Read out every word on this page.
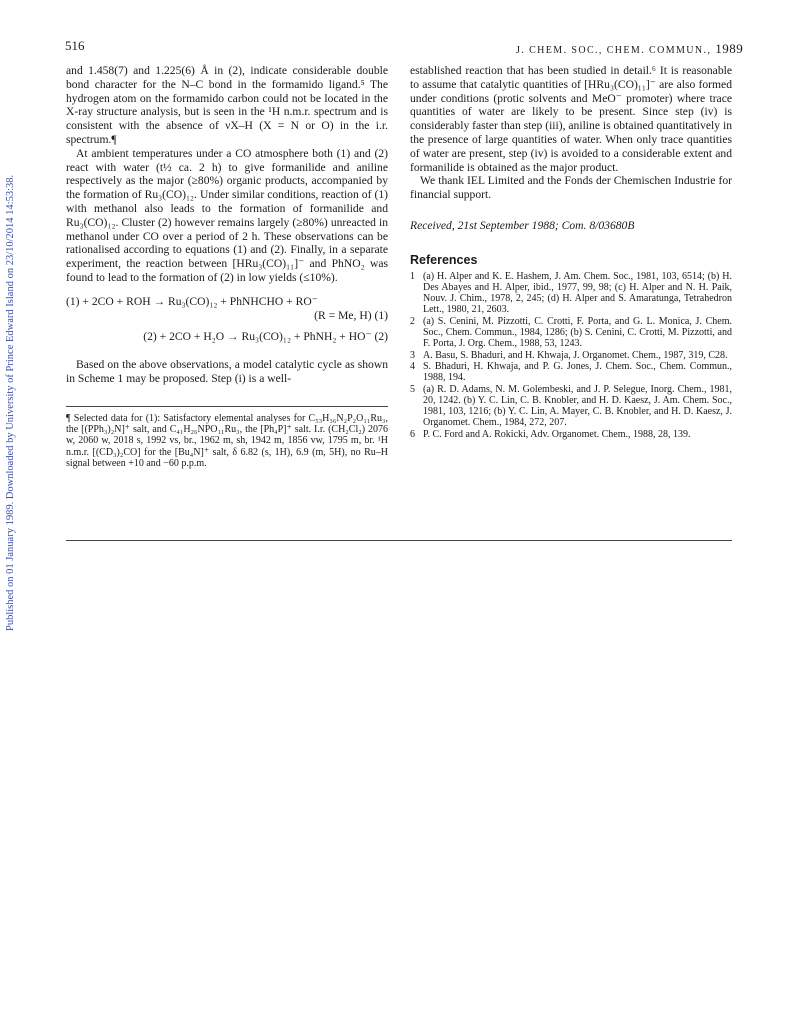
Published on 01 January 1989. Downloaded by University of Prince Edward Island on 23/10/2014 14:53:38.
516	J. CHEM. SOC., CHEM. COMMUN., 1989

and 1.458(7) and 1.225(6) Å in (2), indicate considerable double bond character for the N–C bond in the formamido ligand.⁵ The hydrogen atom on the formamido carbon could not be located in the X-ray structure analysis, but is seen in the ¹H n.m.r. spectrum and is consistent with the absence of νX–H (X = N or O) in the i.r. spectrum.¶

At ambient temperatures under a CO atmosphere both (1) and (2) react with water (t½ ca. 2 h) to give formanilide and aniline respectively as the major (≥80%) organic products, accompanied by the formation of Ru₃(CO)₁₂. Under similar conditions, reaction of (1) with methanol also leads to the formation of formanilide and Ru₃(CO)₁₂. Cluster (2) however remains largely (≥80%) unreacted in methanol under CO over a period of 2 h. These observations can be rationalised according to equations (1) and (2). Finally, in a separate experiment, the reaction between [HRu₃(CO)₁₁]⁻ and PhNO₂ was found to lead to the formation of (2) in low yields (≤10%).

(1) + 2CO + ROH → Ru₃(CO)₁₂ + PhNHCHO + RO⁻
(R = Me, H) (1)
(2) + 2CO + H₂O → Ru₃(CO)₁₂ + PhNH₂ + HO⁻ (2)

Based on the above observations, a model catalytic cycle as shown in Scheme 1 may be proposed. Step (i) is a well-

¶ Selected data for (1): Satisfactory elemental analyses for C₅₃H₃₆N₂P₂O₁₁Ru₃, the [(PPh₃)₂N]⁺ salt, and C₄₁H₂₆NPO₁₁Ru₃, the [Ph₄P]⁺ salt. I.r. (CH₂Cl₂) 2076 w, 2060 w, 2018 s, 1992 vs, br., 1962 m, sh, 1942 m, 1856 vw, 1795 m, br. ¹H n.m.r. [(CD₃)₂CO] for the [Bu₄N]⁺ salt, δ 6.82 (s, 1H), 6.9 (m, 5H), no Ru–H signal between +10 and −60 p.p.m.

established reaction that has been studied in detail.⁶ It is reasonable to assume that catalytic quantities of [HRu₃(CO)₁₁]⁻ are also formed under conditions (protic solvents and MeO⁻ promoter) where trace quantities of water are likely to be present. Since step (iv) is considerably faster than step (iii), aniline is obtained quantitatively in the presence of large quantities of water. When only trace quantities of water are present, step (iv) is avoided to a considerable extent and formanilide is obtained as the major product.

We thank IEL Limited and the Fonds der Chemischen Industrie for financial support.

Received, 21st September 1988; Com. 8/03680B

References
1 (a) H. Alper and K. E. Hashem, J. Am. Chem. Soc., 1981, 103, 6514; (b) H. Des Abayes and H. Alper, ibid., 1977, 99, 98; (c) H. Alper and N. H. Paik, Nouv. J. Chim., 1978, 2, 245; (d) H. Alper and S. Amaratunga, Tetrahedron Lett., 1980, 21, 2603.
2 (a) S. Cenini, M. Pizzotti, C. Crotti, F. Porta, and G. L. Monica, J. Chem. Soc., Chem. Commun., 1984, 1286; (b) S. Cenini, C. Crotti, M. Pizzotti, and F. Porta, J. Org. Chem., 1988, 53, 1243.
3 A. Basu, S. Bhaduri, and H. Khwaja, J. Organomet. Chem., 1987, 319, C28.
4 S. Bhaduri, H. Khwaja, and P. G. Jones, J. Chem. Soc., Chem. Commun., 1988, 194.
5 (a) R. D. Adams, N. M. Golembeski, and J. P. Selegue, Inorg. Chem., 1981, 20, 1242. (b) Y. C. Lin, C. B. Knobler, and H. D. Kaesz, J. Am. Chem. Soc., 1981, 103, 1216; (b) Y. C. Lin, A. Mayer, C. B. Knobler, and H. D. Kaesz, J. Organomet. Chem., 1984, 272, 207.
6 P. C. Ford and A. Rokicki, Adv. Organomet. Chem., 1988, 28, 139.
